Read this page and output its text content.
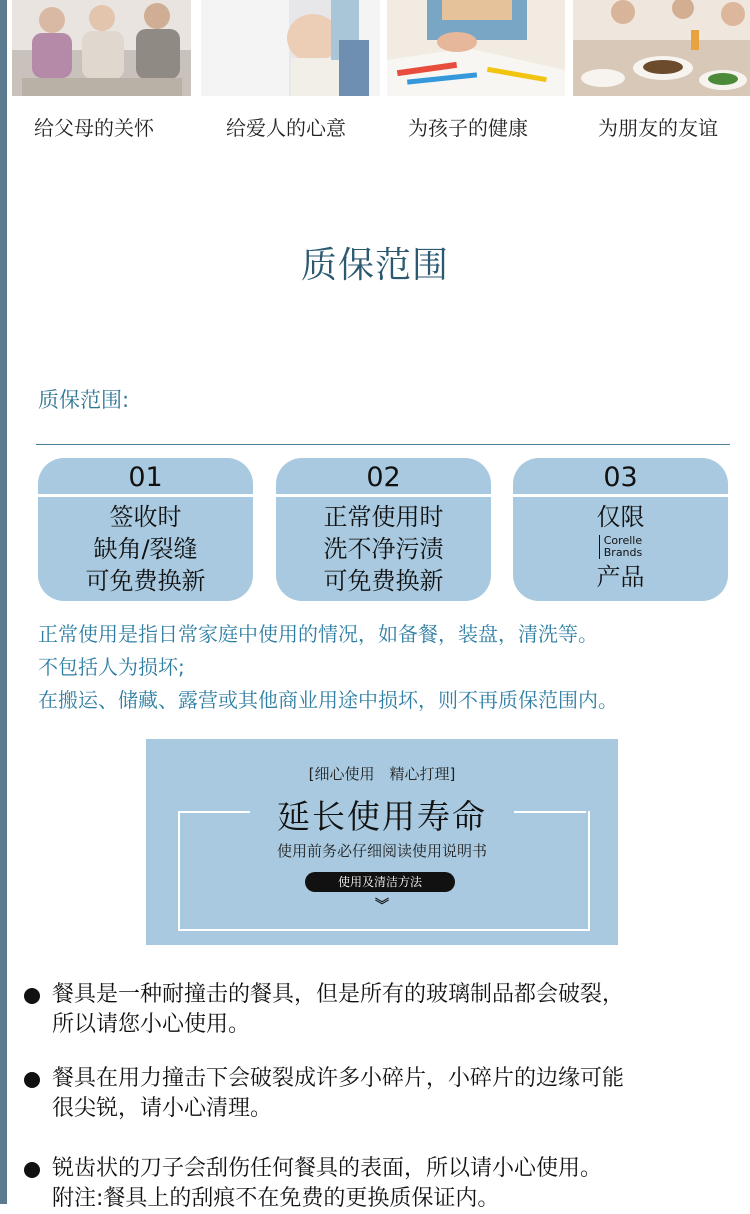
给父母的关怀	给爱人的心意	为孩子的健康	为朋友的友谊
质保范围
质保范围:
01
签收时
缺角/裂缝
可免费换新
02
正常使用时
洗不净污渍
可免费换新
03
仅限
Corelle
Brands
产品
正常使用是指日常家庭中使用的情况，如备餐，装盘，清洗等。
不包括人为损坏;
在搬运、储藏、露营或其他商业用途中损坏，则不再质保范围内。
[细心使用　精心打理]
延长使用寿命
使用前务必仔细阅读使用说明书
使用及清洁方法
︾
餐具是一种耐撞击的餐具，但是所有的玻璃制品都会破裂，
所以请您小心使用。
餐具在用力撞击下会破裂成许多小碎片，小碎片的边缘可能
很尖锐，请小心清理。
锐齿状的刀子会刮伤任何餐具的表面，所以请小心使用。
附注:餐具上的刮痕不在免费的更换质保证内。
